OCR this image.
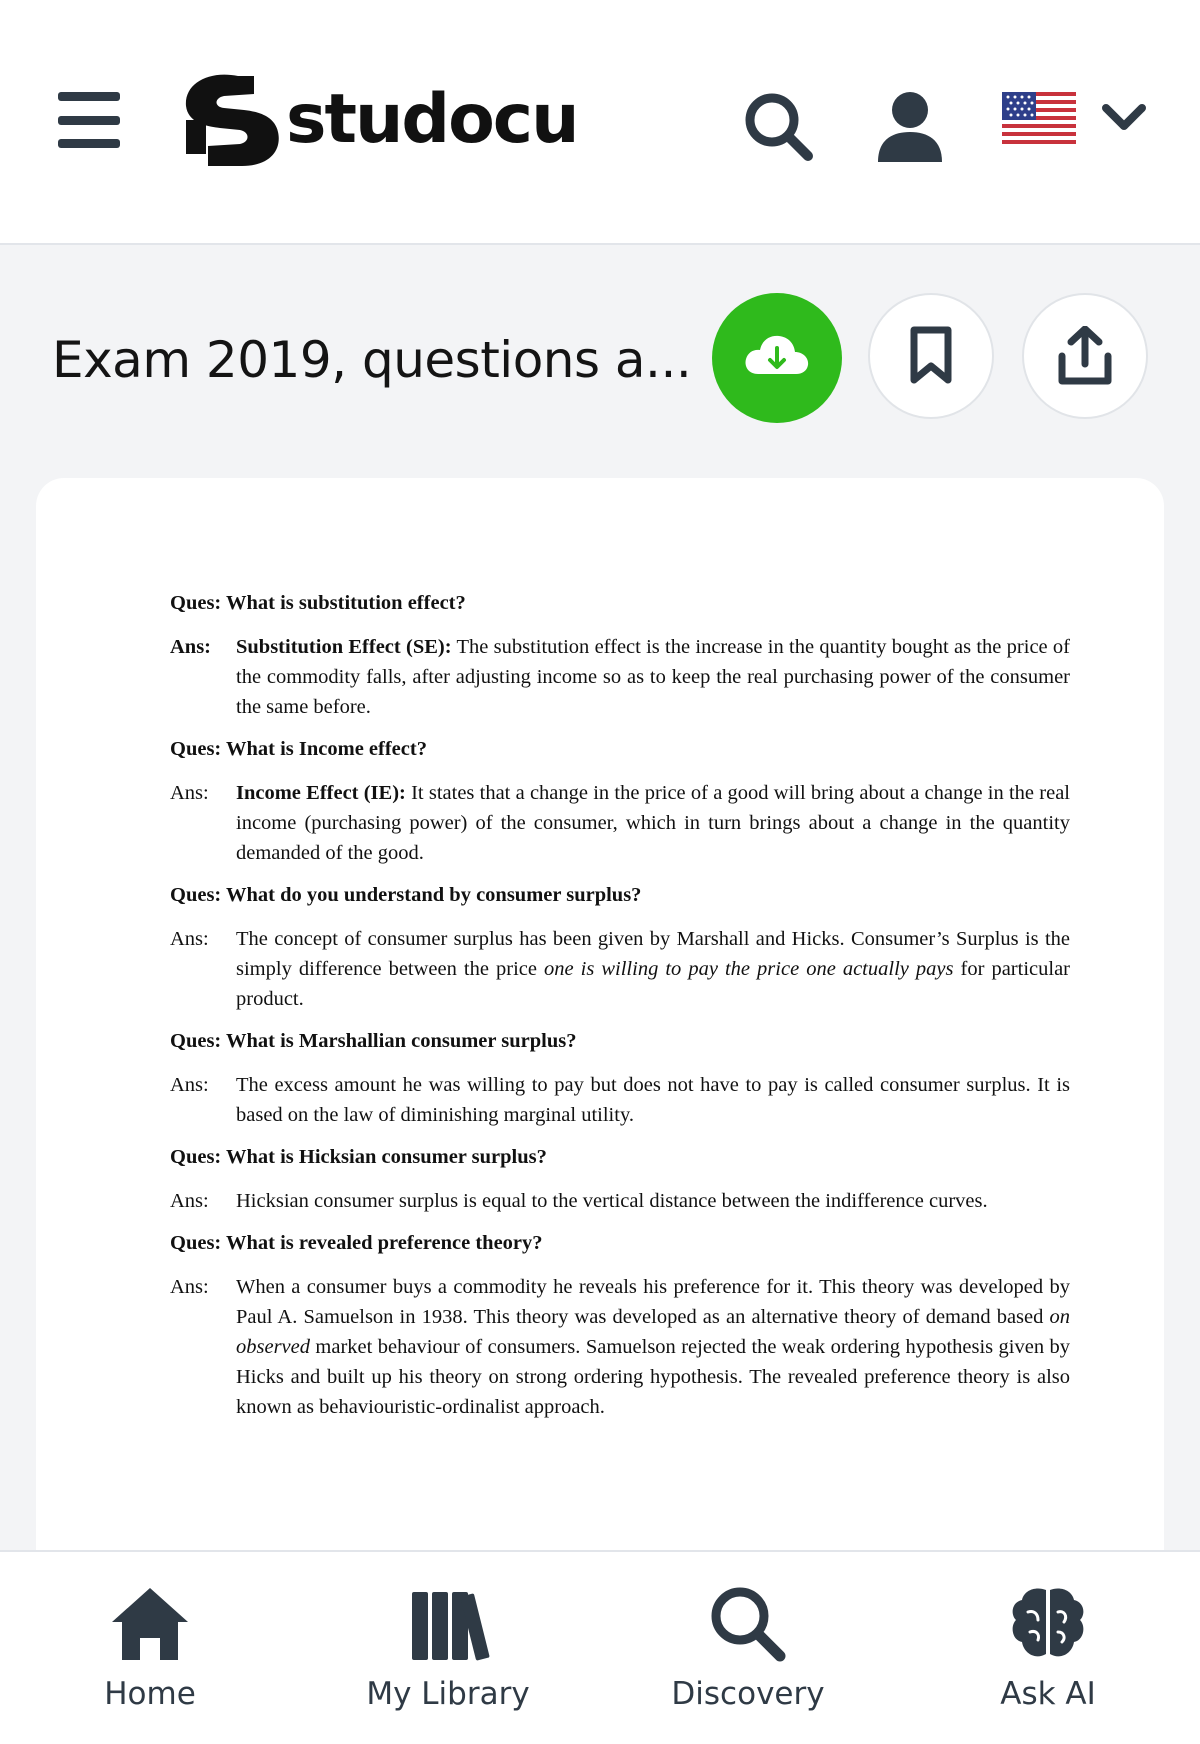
studocu
Exam 2019, questions a...
Ques: What is substitution effect?
Ans:	Substitution Effect (SE): The substitution effect is the increase in the quantity bought as the price of the commodity falls, after adjusting income so as to keep the real purchasing power of the consumer the same before.
Ques: What is Income effect?
Ans:	Income Effect (IE): It states that a change in the price of a good will bring about a change in the real income (purchasing power) of the consumer, which in turn brings about a change in the quantity demanded of the good.
Ques: What do you understand by consumer surplus?
Ans:	The concept of consumer surplus has been given by Marshall and Hicks. Consumer’s Surplus is the simply difference between the price one is willing to pay the price one actually pays for particular product.
Ques: What is Marshallian consumer surplus?
Ans:	The excess amount he was willing to pay but does not have to pay is called consumer surplus. It is based on the law of diminishing marginal utility.
Ques: What is Hicksian consumer surplus?
Ans:	Hicksian consumer surplus is equal to the vertical distance between the indifference curves.
Ques: What is revealed preference theory?
Ans:	When a consumer buys a commodity he reveals his preference for it. This theory was developed by Paul A. Samuelson in 1938. This theory was developed as an alternative theory of demand based on observed market behaviour of consumers. Samuelson rejected the weak ordering hypothesis given by Hicks and built up his theory on strong ordering hypothesis. The revealed preference theory is also known as behaviouristic-ordinalist approach.
Home	My Library	Discovery	Ask AI
